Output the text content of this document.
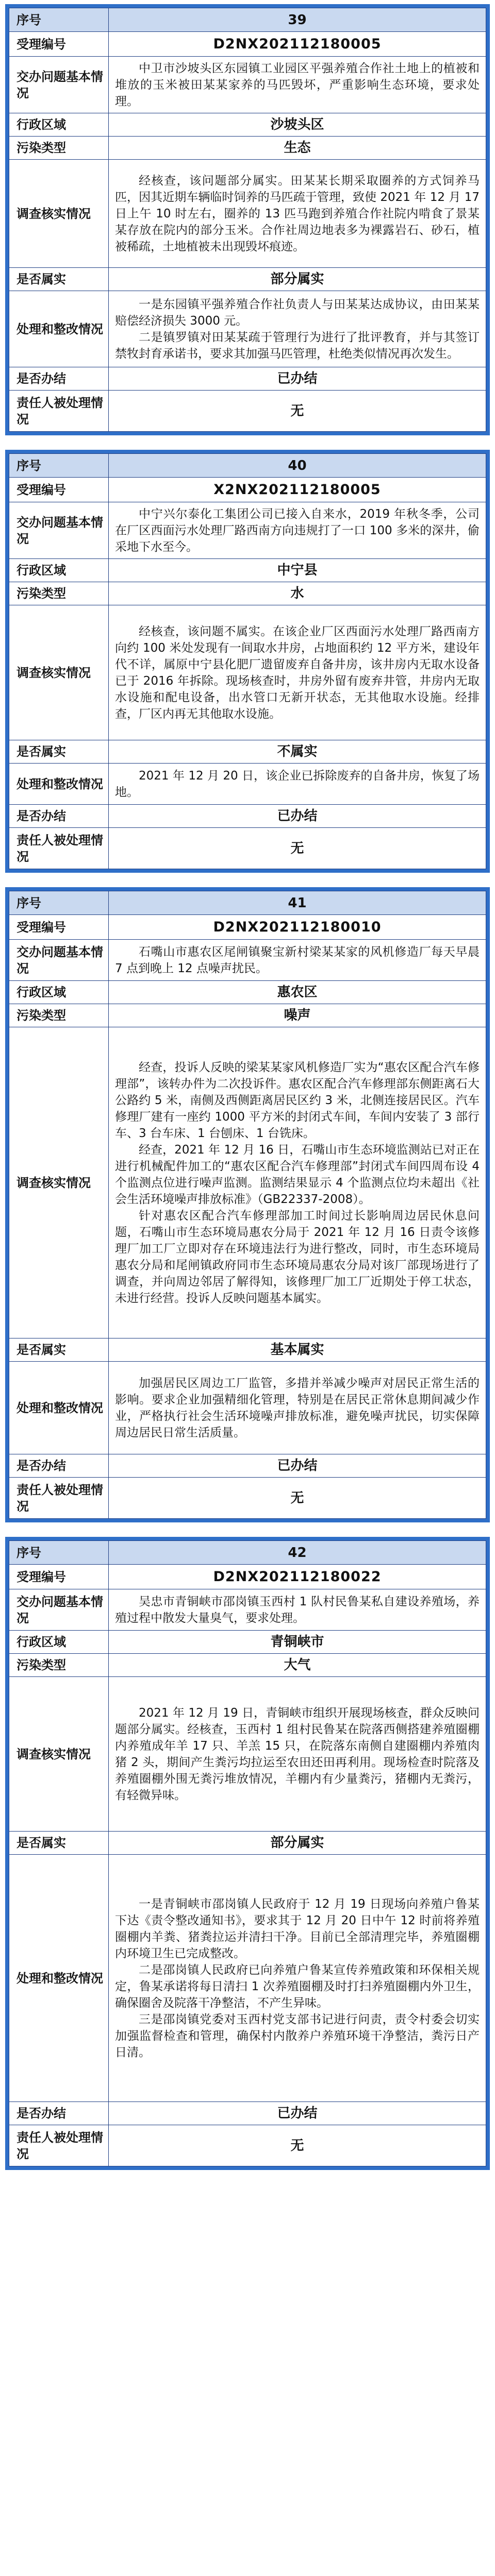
序号	39
受理编号	D2NX202112180005
交办问题基本情况	中卫市沙坡头区东园镇工业园区平强养殖合作社土地上的植被和堆放的玉米被田某某家养的马匹毁坏，严重影响生态环境，要求处理。

行政区域	沙坡头区
污染类型	生态
调查核实情况	经核查，该问题部分属实。田某某长期采取圈养的方式饲养马匹，因其近期车辆临时饲养的马匹疏于管理，致使 2021 年 12 月 17 日上午 10 时左右，圈养的 13 匹马跑到养殖合作社院内啃食了景某某存放在院内的部分玉米。合作社周边地表多为裸露岩石、砂石，植被稀疏，土地植被未出现毁坏痕迹。

是否属实	部分属实
处理和整改情况	一是东园镇平强养殖合作社负责人与田某某达成协议，由田某某赔偿经济损失 3000 元。

二是镇罗镇对田某某疏于管理行为进行了批评教育，并与其签订禁牧封育承诺书，要求其加强马匹管理，杜绝类似情况再次发生。

是否办结	已办结
责任人被处理情况	无
序号	40
受理编号	X2NX202112180005
交办问题基本情况	中宁兴尔泰化工集团公司已接入自来水，2019 年秋冬季，公司在厂区西面污水处理厂路西南方向违规打了一口 100 多米的深井，偷采地下水至今。

行政区域	中宁县
污染类型	水
调查核实情况	经核查，该问题不属实。在该企业厂区西面污水处理厂路西南方向约 100 米处发现有一间取水井房，占地面积约 12 平方米，建设年代不详，属原中宁县化肥厂遗留废弃自备井房，该井房内无取水设备已于 2016 年拆除。现场核查时，井房外留有废弃井管，井房内无取水设施和配电设备，出水管口无新开状态，无其他取水设施。经排查，厂区内再无其他取水设施。

是否属实	不属实
处理和整改情况	2021 年 12 月 20 日，该企业已拆除废弃的自备井房，恢复了场地。

是否办结	已办结
责任人被处理情况	无
序号	41
受理编号	D2NX202112180010
交办问题基本情况	石嘴山市惠农区尾闸镇聚宝新村梁某某家的风机修造厂每天早晨 7 点到晚上 12 点噪声扰民。

行政区域	惠农区
污染类型	噪声
调查核实情况	经查，投诉人反映的梁某某家风机修造厂实为“惠农区配合汽车修理部”，该转办件为二次投诉件。惠农区配合汽车修理部东侧距离石大公路约 5 米，南侧及西侧距离居民区约 3 米，北侧连接居民区。汽车修理厂建有一座约 1000 平方米的封闭式车间，车间内安装了 3 部行车、3 台车床、1 台刨床、1 台铣床。

经查，2021 年 12 月 16 日，石嘴山市生态环境监测站已对正在进行机械配件加工的“惠农区配合汽车修理部”封闭式车间四周布设 4 个监测点位进行噪声监测。监测结果显示 4 个监测点位均未超出《社会生活环境噪声排放标准》（GB22337-2008）。

针对惠农区配合汽车修理部加工时间过长影响周边居民休息问题，石嘴山市生态环境局惠农分局于 2021 年 12 月 16 日责令该修理厂加工厂立即对存在环境违法行为进行整改，同时，市生态环境局惠农分局和尾闸镇政府同市生态环境局惠农分局对该厂部现场进行了调查，并向周边邻居了解得知，该修理厂加工厂近期处于停工状态，未进行经营。投诉人反映问题基本属实。

是否属实	基本属实
处理和整改情况	加强居民区周边工厂监管，多措并举减少噪声对居民正常生活的影响。要求企业加强精细化管理，特别是在居民正常休息期间减少作业，严格执行社会生活环境噪声排放标准，避免噪声扰民，切实保障周边居民日常生活质量。

是否办结	已办结
责任人被处理情况	无
序号	42
受理编号	D2NX202112180022
交办问题基本情况	吴忠市青铜峡市邵岗镇玉西村 1 队村民鲁某私自建设养殖场，养殖过程中散发大量臭气，要求处理。

行政区域	青铜峡市
污染类型	大气
调查核实情况	2021 年 12 月 19 日，青铜峡市组织开展现场核查，群众反映问题部分属实。经核查，玉西村 1 组村民鲁某在院落西侧搭建养殖圈棚内养殖成年羊 17 只、羊羔 15 只，在院落东南侧自建圈棚内养殖肉猪 2 头，期间产生粪污均拉运至农田还田再利用。现场检查时院落及养殖圈棚外围无粪污堆放情况，羊棚内有少量粪污，猪棚内无粪污，有轻微异味。

是否属实	部分属实
处理和整改情况	一是青铜峡市邵岗镇人民政府于 12 月 19 日现场向养殖户鲁某下达《责令整改通知书》，要求其于 12 月 20 日中午 12 时前将养殖圈棚内羊粪、猪粪拉运并清扫干净。目前已全部清理完毕，养殖圈棚内环境卫生已完成整改。

二是邵岗镇人民政府已向养殖户鲁某宣传养殖政策和环保相关规定，鲁某承诺将每日清扫 1 次养殖圈棚及时打扫养殖圈棚内外卫生，确保圈舍及院落干净整洁，不产生异味。

三是邵岗镇党委对玉西村党支部书记进行问责，责令村委会切实加强监督检查和管理，确保村内散养户养殖环境干净整洁，粪污日产日清。

是否办结	已办结
责任人被处理情况	无
